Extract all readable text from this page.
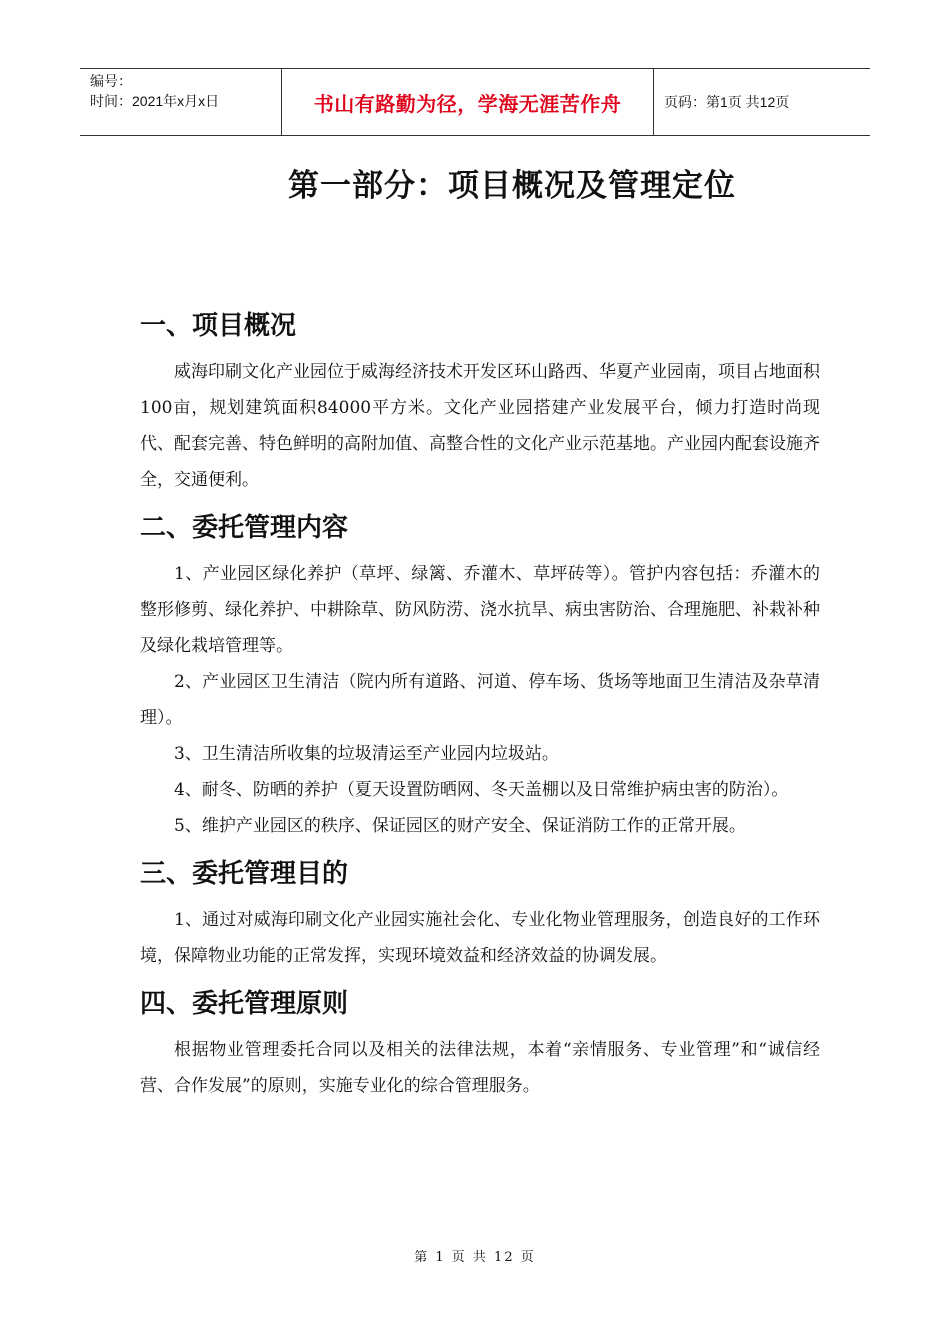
编号：
时间：2021年x月x日	书山有路勤为径，学海无涯苦作舟	页码：第1页 共12页
第一部分：项目概况及管理定位
一、项目概况

威海印刷文化产业园位于威海经济技术开发区环山路西、华夏产业园南，项目占地面积100亩，规划建筑面积84000平方米。文化产业园搭建产业发展平台，倾力打造时尚现代、配套完善、特色鲜明的高附加值、高整合性的文化产业示范基地。产业园内配套设施齐全，交通便利。

二、委托管理内容

1、产业园区绿化养护（草坪、绿篱、乔灌木、草坪砖等）。管护内容包括：乔灌木的整形修剪、绿化养护、中耕除草、防风防涝、浇水抗旱、病虫害防治、合理施肥、补栽补种及绿化栽培管理等。

2、产业园区卫生清洁（院内所有道路、河道、停车场、货场等地面卫生清洁及杂草清理）。

3、卫生清洁所收集的垃圾清运至产业园内垃圾站。

4、耐冬、防晒的养护（夏天设置防晒网、冬天盖棚以及日常维护病虫害的防治）。

5、维护产业园区的秩序、保证园区的财产安全、保证消防工作的正常开展。

三、委托管理目的

1、通过对威海印刷文化产业园实施社会化、专业化物业管理服务，创造良好的工作环境，保障物业功能的正常发挥，实现环境效益和经济效益的协调发展。

四、委托管理原则

根据物业管理委托合同以及相关的法律法规，本着“亲情服务、专业管理”和“诚信经营、合作发展”的原则，实施专业化的综合管理服务。

第 1 页 共 12 页
